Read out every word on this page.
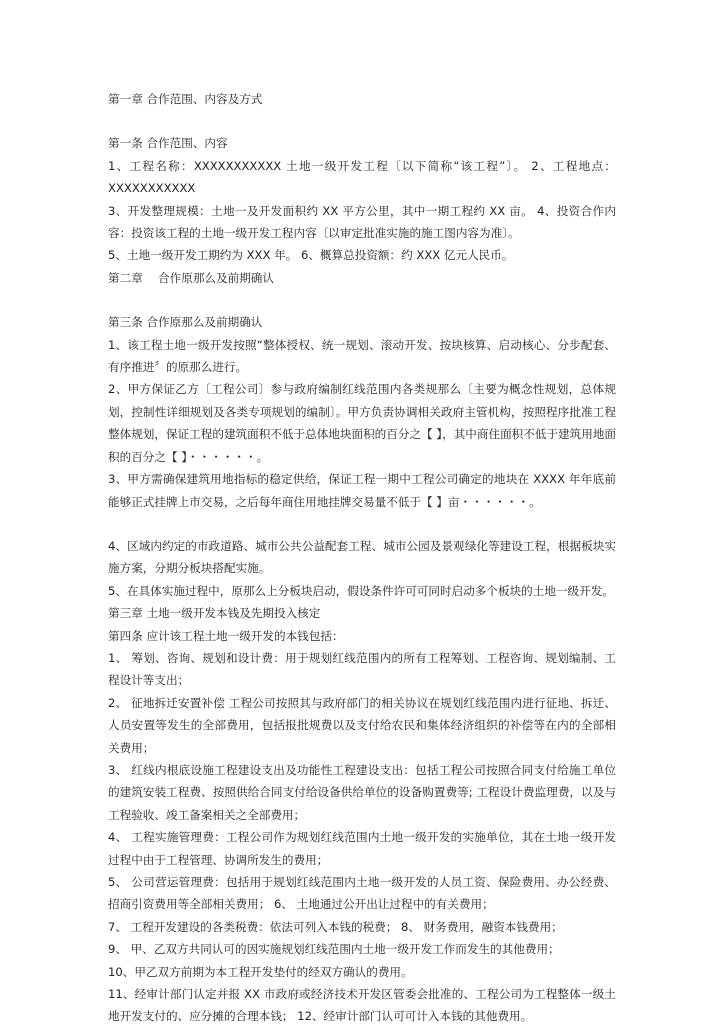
第一章 合作范围、内容及方式

第一条 合作范围、内容

1、工程名称：XXXXXXXXXXX 土地一级开发工程〔以下简称“该工程”〕。 2、工程地点：XXXXXXXXXXX

3、开发整理规模：土地一及开发面积约 XX 平方公里，其中一期工程约 XX 亩。 4、投资合作内容：投资该工程的土地一级开发工程内容〔以审定批准实施的施工图内容为准〕。

5、土地一级开发工期约为 XXX 年。 6、概算总投资额：约 XXX 亿元人民币。

第二章　 合作原那么及前期确认

第三条 合作原那么及前期确认

1、该工程土地一级开发按照“整体授权、统一规划、滚动开发、按块核算、启动核心、分步配套、有序推进〞的原那么进行。

2、甲方保证乙方〔工程公司〕参与政府编制红线范围内各类规那么〔主要为概念性规划，总体规划，控制性详细规划及各类专项规划的编制〕。甲方负责协调相关政府主管机构，按照程序批准工程整体规划，保证工程的建筑面积不低于总体地块面积的百分之【 】，其中商住面积不低于建筑用地面积的百分之【 】・・・・・・。

3、甲方需确保建筑用地指标的稳定供给，保证工程一期中工程公司确定的地块在 XXXX 年年底前能够正式挂牌上市交易，之后每年商住用地挂牌交易量不低于【 】亩・・・・・・。

4、区域内约定的市政道路、城市公共公益配套工程、城市公园及景观绿化等建设工程，根据板块实施方案，分期分板块搭配实施。

5、在具体实施过程中，原那么上分板块启动，假设条件许可可同时启动多个板块的土地一级开发。

第三章 土地一级开发本钱及先期投入核定

第四条 应计该工程土地一级开发的本钱包括：

1、 筹划、咨询、规划和设计费：用于规划红线范围内的所有工程筹划、工程咨询、规划编制、工程设计等支出；

2、 征地拆迁安置补偿 工程公司按照其与政府部门的相关协议在规划红线范围内进行征地、拆迁、人员安置等发生的全部费用，包括报批规费以及支付给农民和集体经济组织的补偿等在内的全部相关费用；

3、 红线内根底设施工程建设支出及功能性工程建设支出：包括工程公司按照合同支付给施工单位的建筑安装工程费、按照供给合同支付给设备供给单位的设备购置费等; 工程设计费监理费，以及与工程验收、竣工备案相关之全部费用；

4、 工程实施管理费：工程公司作为规划红线范围内土地一级开发的实施单位，其在土地一级开发过程中由于工程管理、协调所发生的费用；

5、 公司营运管理费：包括用于规划红线范围内土地一级开发的人员工资、保险费用、办公经费、招商引资费用等全部相关费用； 6、 土地通过公开出让过程中的有关费用；

7、 工程开发建设的各类税费：依法可列入本钱的税费； 8、 财务费用，融资本钱费用；

9、 甲、乙双方共同认可的因实施规划红线范围内土地一级开发工作而发生的其他费用；

10、甲乙双方前期为本工程开发垫付的经双方确认的费用。

11、经审计部门认定并报 XX 市政府或经济技术开发区管委会批准的、工程公司为工程整体一级土地开发支付的、应分摊的合理本钱； 12、经审计部门认可可计入本钱的其他费用。
